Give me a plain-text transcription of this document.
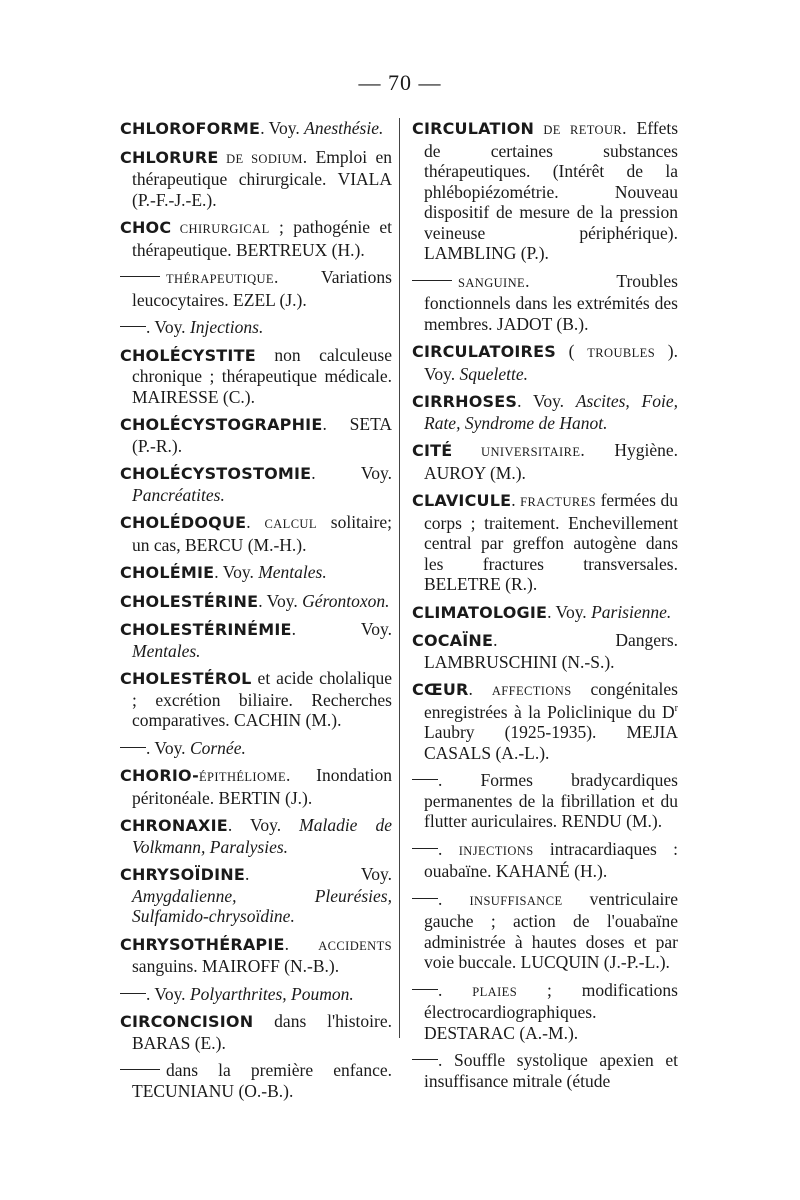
— 70 —
CHLOROFORME. Voy. Anesthésie.
CHLORURE DE SODIUM. Emploi en thérapeutique chirurgicale. VIALA (P.-F.-J.-E.).
CHOC CHIRURGICAL ; pathogénie et thérapeutique. BERTREUX (H.).
THÉRAPEUTIQUE. Variations leucocytaires. EZEL (J.).
. Voy. Injections.
CHOLÉCYSTITE non calculeuse chronique ; thérapeutique médicale. MAIRESSE (C.).
CHOLÉCYSTOGRAPHIE. SETA (P.-R.).
CHOLÉCYSTOSTOMIE. Voy. Pancréatites.
CHOLÉDOQUE. CALCUL solitaire; un cas, BERCU (M.-H.).
CHOLÉMIE. Voy. Mentales.
CHOLESTÉRINE. Voy. Gérontoxon.
CHOLESTÉRINÉMIE. Voy. Mentales.
CHOLESTÉROL et acide cholalique ; excrétion biliaire. Recherches comparatives. CACHIN (M.).
. Voy. Cornée.
CHORIO-ÉPITHÉLIOME. Inondation péritonéale. BERTIN (J.).
CHRONAXIE. Voy. Maladie de Volkmann, Paralysies.
CHRYSOÏDINE. Voy. Amygdalienne, Pleurésies, Sulfamido-chrysoïdine.
CHRYSOTHÉRAPIE. ACCIDENTS sanguins. MAIROFF (N.-B.).
. Voy. Polyarthrites, Poumon.
CIRCONCISION dans l'histoire. BARAS (E.).
dans la première enfance. TECUNIANU (O.-B.).
CIRCULATION DE RETOUR. Effets de certaines substances thérapeutiques. (Intérêt de la phlébopiézométrie. Nouveau dispositif de mesure de la pression veineuse périphérique). LAMBLING (P.).
SANGUINE. Troubles fonctionnels dans les extrémités des membres. JADOT (B.).
CIRCULATOIRES ( TROUBLES ). Voy. Squelette.
CIRRHOSES. Voy. Ascites, Foie, Rate, Syndrome de Hanot.
CITÉ UNIVERSITAIRE. Hygiène. AUROY (M.).
CLAVICULE. FRACTURES fermées du corps ; traitement. Enchevillement central par greffon autogène dans les fractures transversales. BELETRE (R.).
CLIMATOLOGIE. Voy. Parisienne.
COCAÏNE. Dangers. LAMBRUSCHINI (N.-S.).
CŒUR. AFFECTIONS congénitales enregistrées à la Policlinique du $D^r$ Laubry (1925-1935). MEJIA CASALS (A.-L.).
. Formes bradycardiques permanentes de la fibrillation et du flutter auriculaires. RENDU (M.).
. INJECTIONS intracardiaques : ouabaïne. KAHANÉ (H.).
. INSUFFISANCE ventriculaire gauche ; action de l'ouabaïne administrée à hautes doses et par voie buccale. LUCQUIN (J.-P.-L.).
. PLAIES ; modifications électrocardiographiques. DESTARAC (A.-M.).
. Souffle systolique apexien et insuffisance mitrale (étude
